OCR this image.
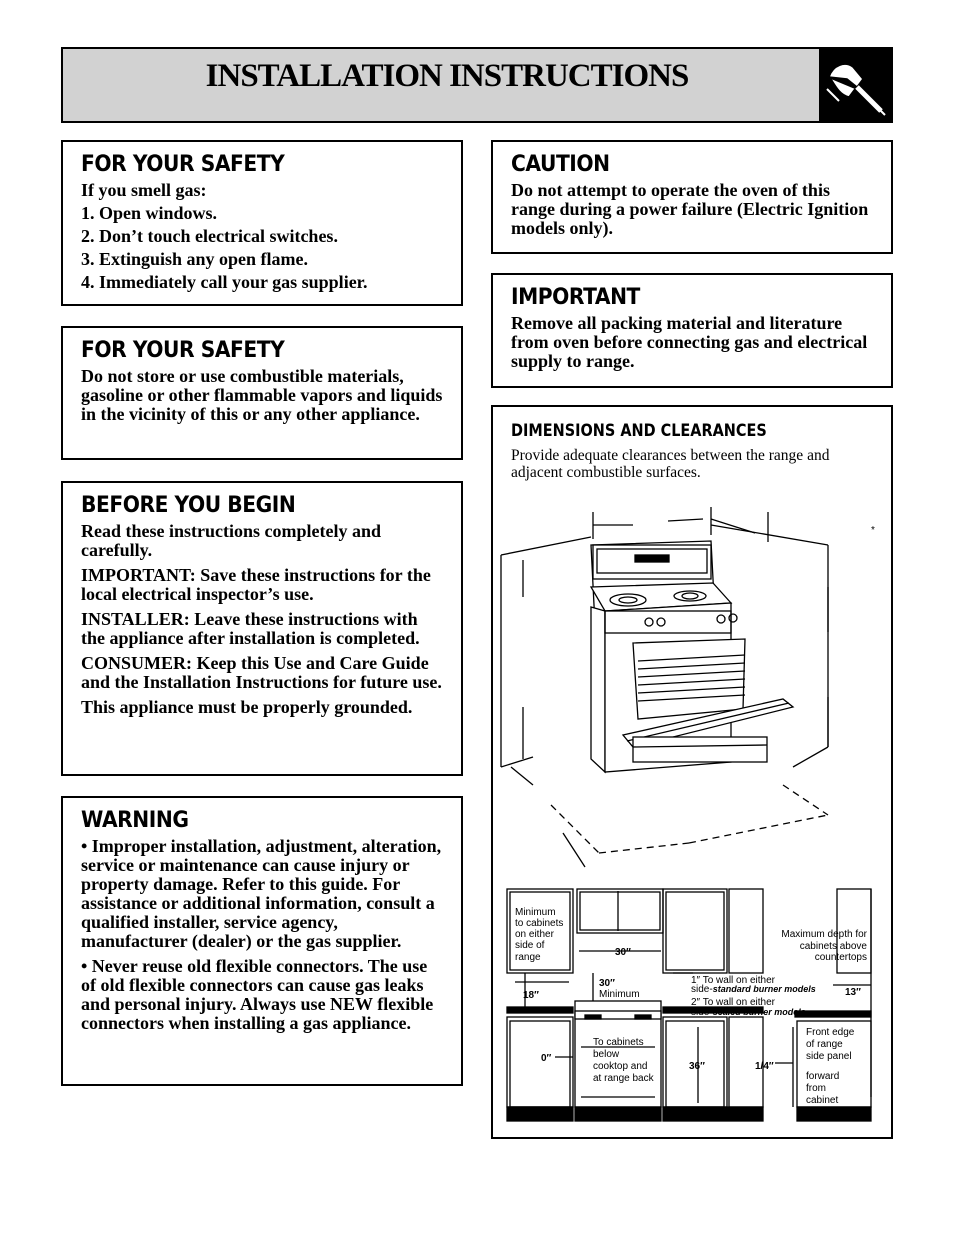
INSTALLATION INSTRUCTIONS
FOR YOUR SAFETY

If you smell gas:

1. Open windows.
2. Don’t touch electrical switches.
3. Extinguish any open flame.
4. Immediately call your gas supplier.
FOR YOUR SAFETY

Do not store or use combustible materials, gasoline or other flammable vapors and liquids in the vicinity of this or any other appliance.

BEFORE YOU BEGIN

Read these instructions completely and carefully.

IMPORTANT: Save these instructions for the local electrical inspector’s use.

INSTALLER: Leave these instructions with the appliance after installation is completed.

CONSUMER: Keep this Use and Care Guide and the Installation Instructions for future use.

This appliance must be properly grounded.

WARNING

• Improper installation, adjustment, alteration, service or maintenance can cause injury or property damage. Refer to this guide. For assistance or additional information, consult a qualified installer, service agency, manufacturer (dealer) or the gas supplier.

• Never reuse old flexible connectors. The use of old flexible connectors can cause gas leaks and personal injury. Always use NEW flexible connectors when installing a gas appliance.

CAUTION

Do not attempt to operate the oven of this range during a power failure (Electric Ignition models only).

IMPORTANT

Remove all packing material and literature from oven before connecting gas and electrical supply to range.

DIMENSIONS AND CLEARANCES
Provide adequate clearances between the range and adjacent combustible surfaces.
*
Minimum
to cabinets
on either
side of
range	30″
30″
Minimum
18″
1″ To wall on either
side-standard burner models
2″ To wall on either
side-sealed burner models
Maximum depth for
cabinets above
countertops
13″
0″
To cabinets
below
cooktop and
at range back
36″	1/4″
Front edge
of range
side panel
forward
from
cabinet
